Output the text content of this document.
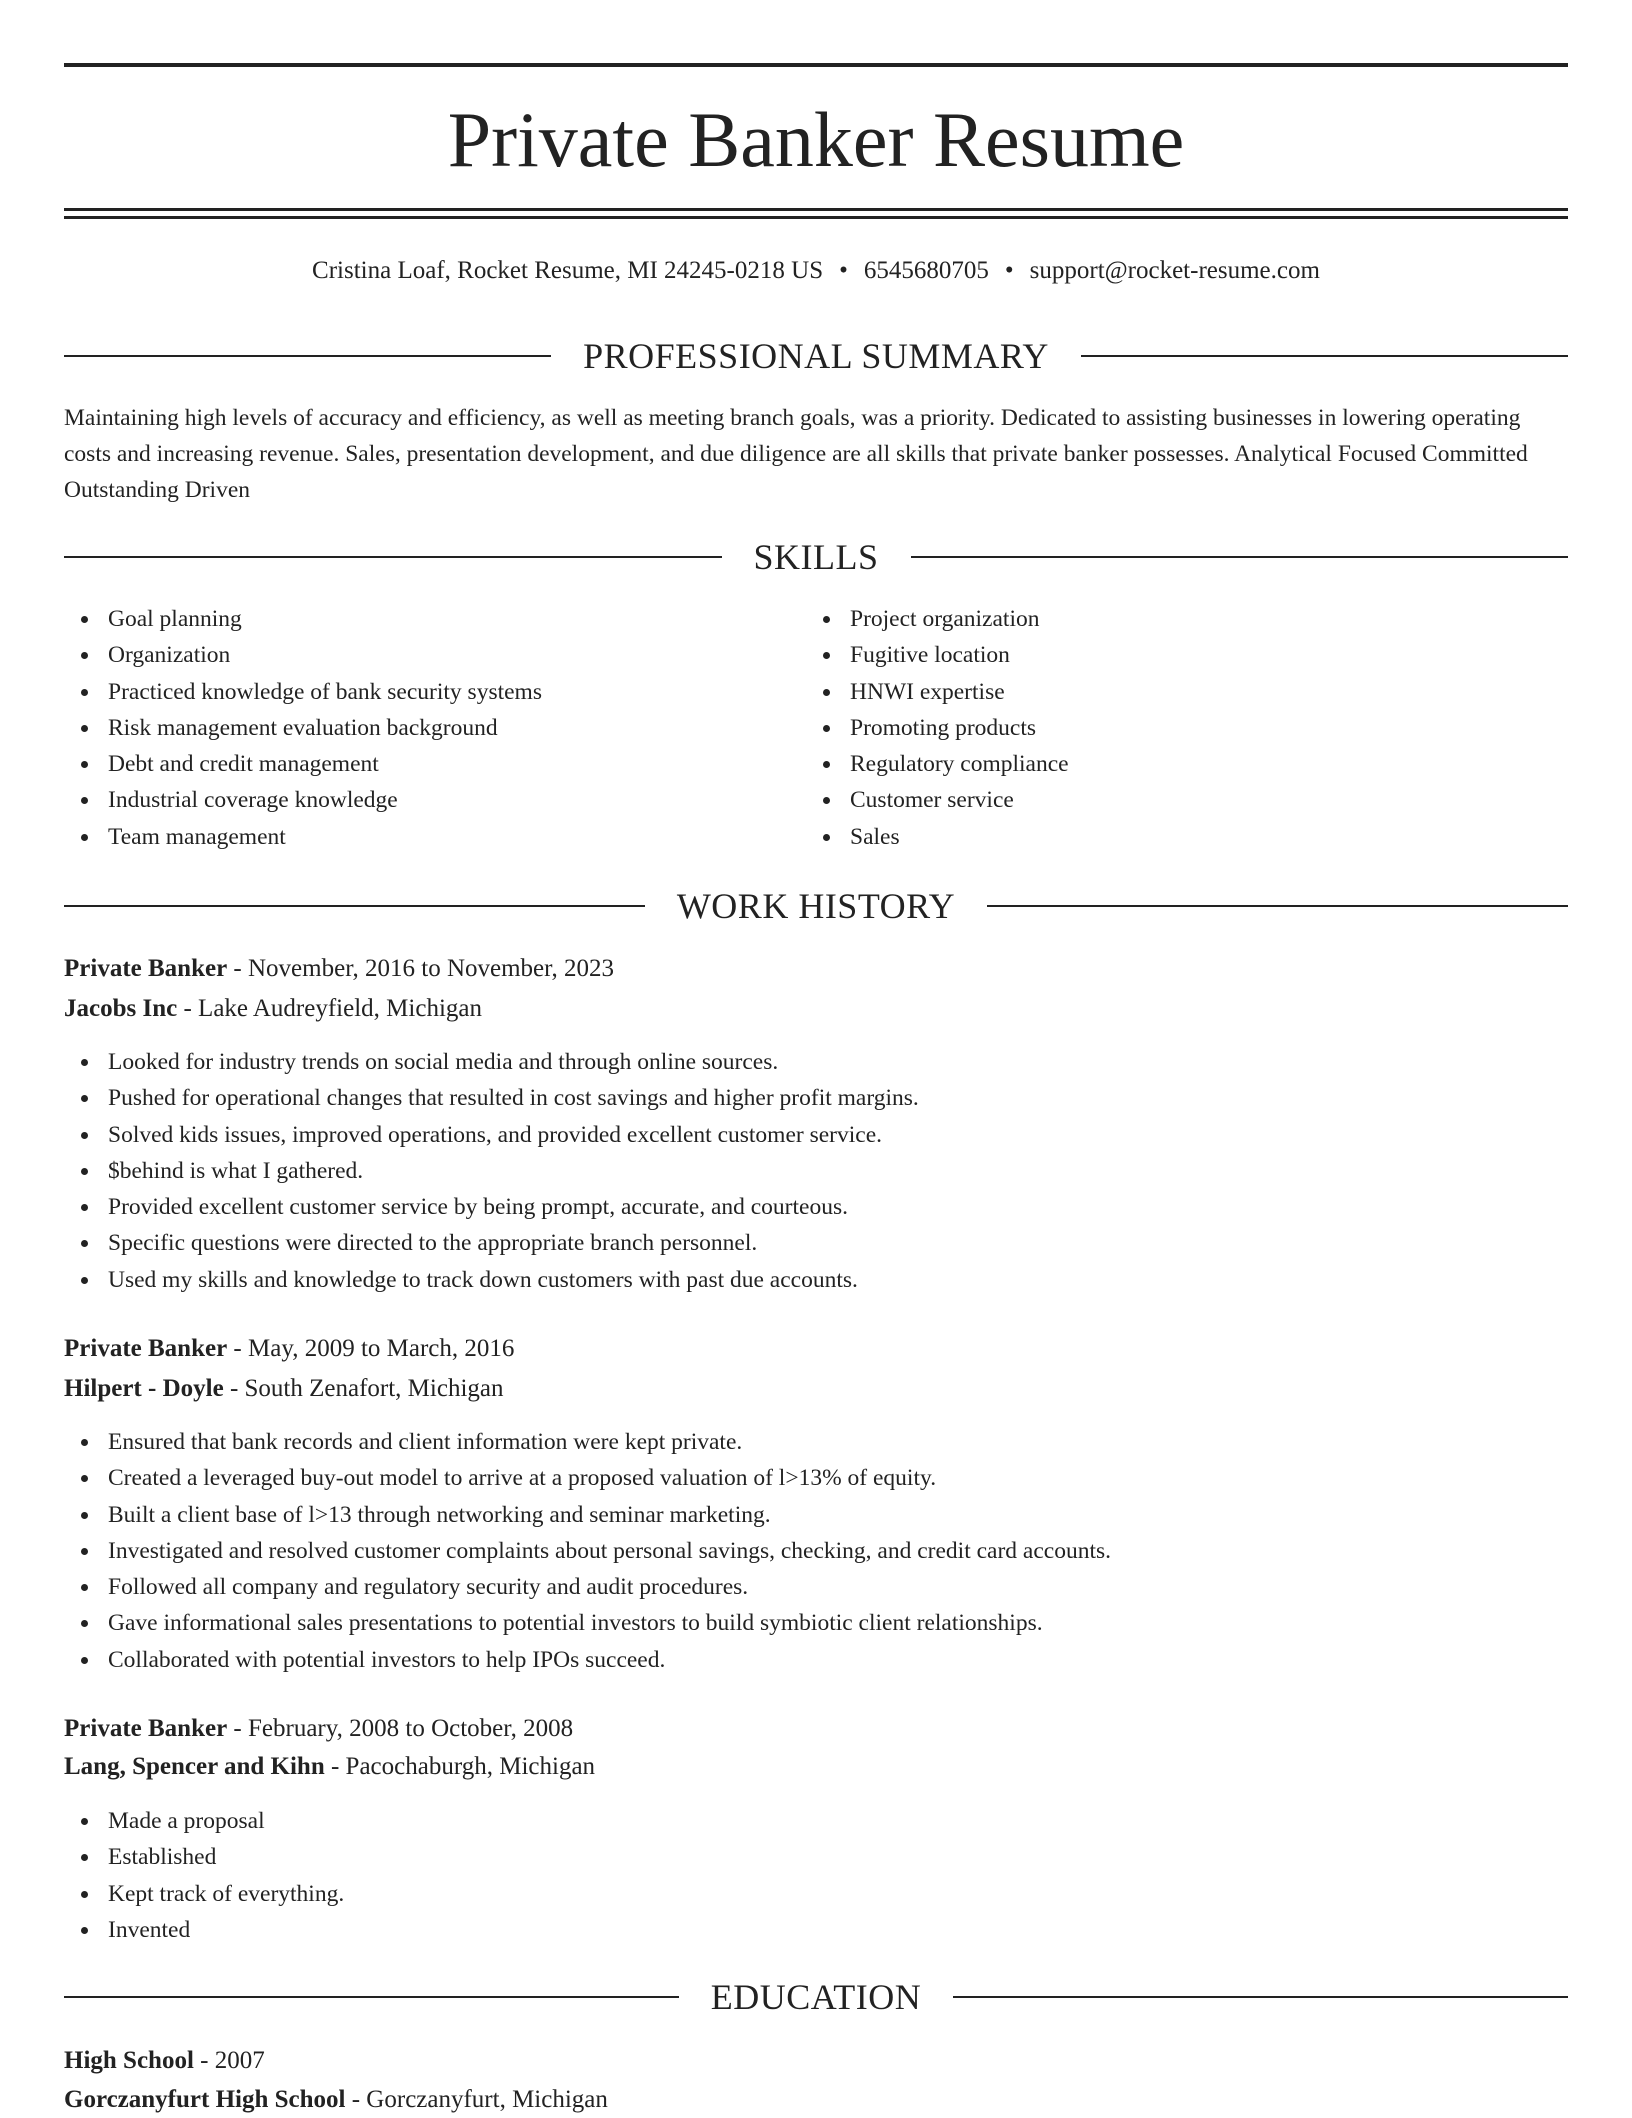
Private Banker Resume
Cristina Loaf, Rocket Resume, MI 24245-0218 US • 6545680705 • support@rocket-resume.com
PROFESSIONAL SUMMARY

Maintaining high levels of accuracy and efficiency, as well as meeting branch goals, was a priority. Dedicated to assisting businesses in lowering operating costs and increasing revenue. Sales, presentation development, and due diligence are all skills that private banker possesses. Analytical Focused Committed Outstanding Driven

SKILLS
Goal planning
Organization
Practiced knowledge of bank security systems
Risk management evaluation background
Debt and credit management
Industrial coverage knowledge
Team management
Project organization
Fugitive location
HNWI expertise
Promoting products
Regulatory compliance
Customer service
Sales
WORK HISTORY
Private Banker - November, 2016 to November, 2023
Jacobs Inc - Lake Audreyfield, Michigan
Looked for industry trends on social media and through online sources.
Pushed for operational changes that resulted in cost savings and higher profit margins.
Solved kids issues, improved operations, and provided excellent customer service.
$behind is what I gathered.
Provided excellent customer service by being prompt, accurate, and courteous.
Specific questions were directed to the appropriate branch personnel.
Used my skills and knowledge to track down customers with past due accounts.
Private Banker - May, 2009 to March, 2016
Hilpert - Doyle - South Zenafort, Michigan
Ensured that bank records and client information were kept private.
Created a leveraged buy-out model to arrive at a proposed valuation of l>13% of equity.
Built a client base of l>13 through networking and seminar marketing.
Investigated and resolved customer complaints about personal savings, checking, and credit card accounts.
Followed all company and regulatory security and audit procedures.
Gave informational sales presentations to potential investors to build symbiotic client relationships.
Collaborated with potential investors to help IPOs succeed.
Private Banker - February, 2008 to October, 2008
Lang, Spencer and Kihn - Pacochaburgh, Michigan
Made a proposal
Established
Kept track of everything.
Invented
EDUCATION
High School - 2007
Gorczanyfurt High School - Gorczanyfurt, Michigan
